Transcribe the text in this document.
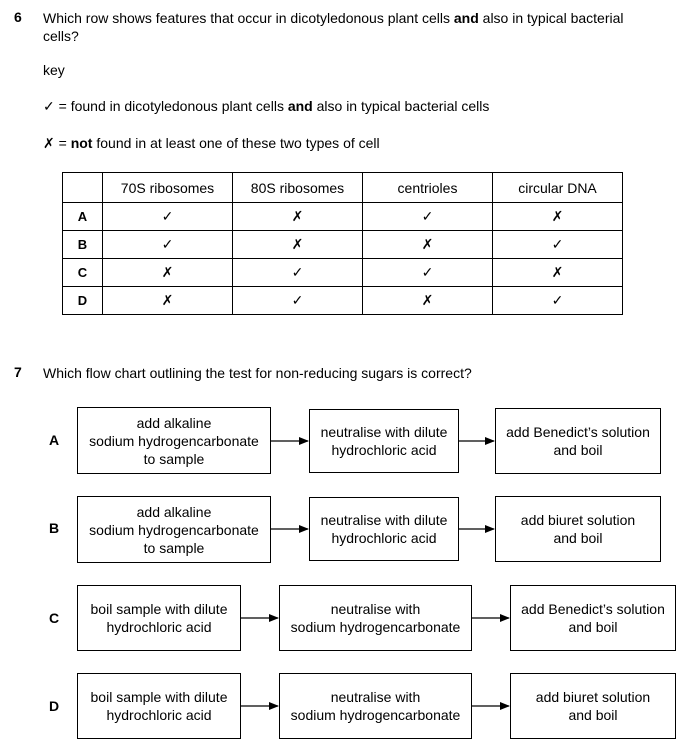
6 Which row shows features that occur in dicotyledonous plant cells and also in typical bacterial
cells?
key
✓ = found in dicotyledonous plant cells and also in typical bacterial cells
✗ = not found in at least one of these two types of cell
	70S ribosomes	80S ribosomes	centrioles	circular DNA
A	✓	✗	✓	✗
B	✓	✗	✗	✓
C	✗	✓	✓	✗
D	✗	✓	✗	✓
7 Which flow chart outlining the test for non-reducing sugars is correct?
A
add alkaline
sodium hydrogencarbonate
to sample
neutralise with dilute
hydrochloric acid
add Benedict’s solution
and boil
B
add alkaline
sodium hydrogencarbonate
to sample
neutralise with dilute
hydrochloric acid
add biuret solution
and boil
C
boil sample with dilute
hydrochloric acid
neutralise with
sodium hydrogencarbonate
add Benedict’s solution
and boil
D
boil sample with dilute
hydrochloric acid
neutralise with
sodium hydrogencarbonate
add biuret solution
and boil
